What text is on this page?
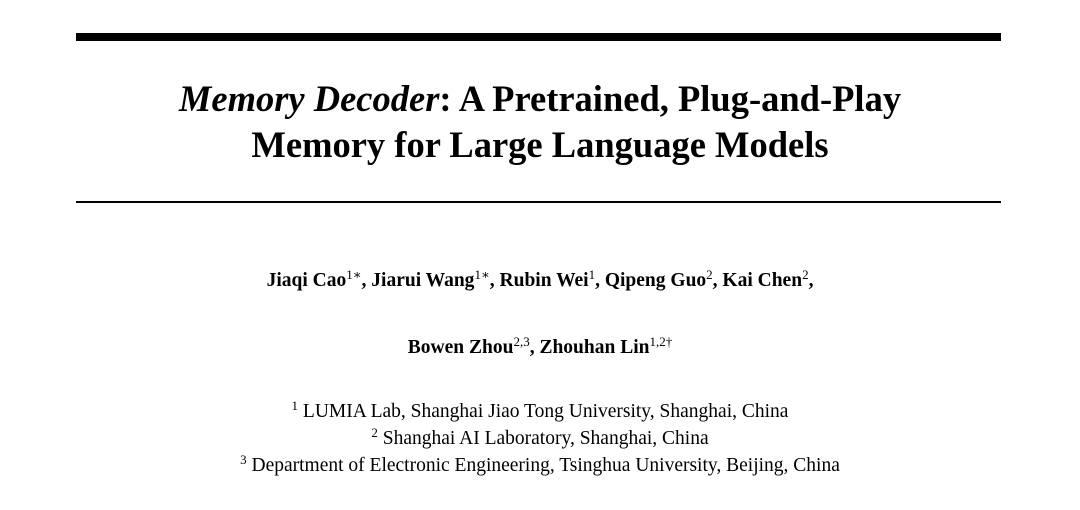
Memory Decoder: A Pretrained, Plug-and-Play
Memory for Large Language Models
Jiaqi Cao$^{1∗}$, Jiarui Wang$^{1∗}$, Rubin Wei$^1$, Qipeng Guo$^2$, Kai Chen$^2$,
Bowen Zhou$^{2,3}$, Zhouhan Lin$^{1,2\dagger}$
$^1$ LUMIA Lab, Shanghai Jiao Tong University, Shanghai, China
$^2$ Shanghai AI Laboratory, Shanghai, China
$^3$ Department of Electronic Engineering, Tsinghua University, Beijing, China
